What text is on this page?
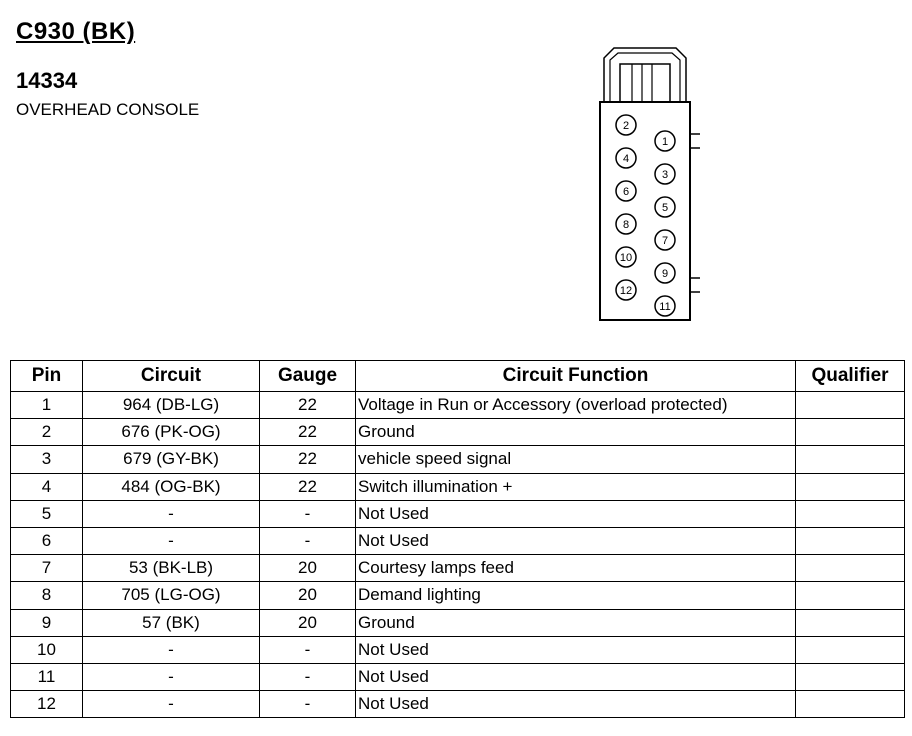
C930 (BK)
14334
OVERHEAD CONSOLE
2
4
6
8
10
12
1
3
5
7
9
11
Pin	Circuit	Gauge	Circuit Function	Qualifier
1	964 (DB-LG)	22	Voltage in Run or Accessory (overload protected)	
2	676 (PK-OG)	22	Ground	
3	679 (GY-BK)	22	vehicle speed signal	
4	484 (OG-BK)	22	Switch illumination +	
5	-	-	Not Used	
6	-	-	Not Used	
7	53 (BK-LB)	20	Courtesy lamps feed	
8	705 (LG-OG)	20	Demand lighting	
9	57 (BK)	20	Ground	
10	-	-	Not Used	
11	-	-	Not Used	
12	-	-	Not Used	
